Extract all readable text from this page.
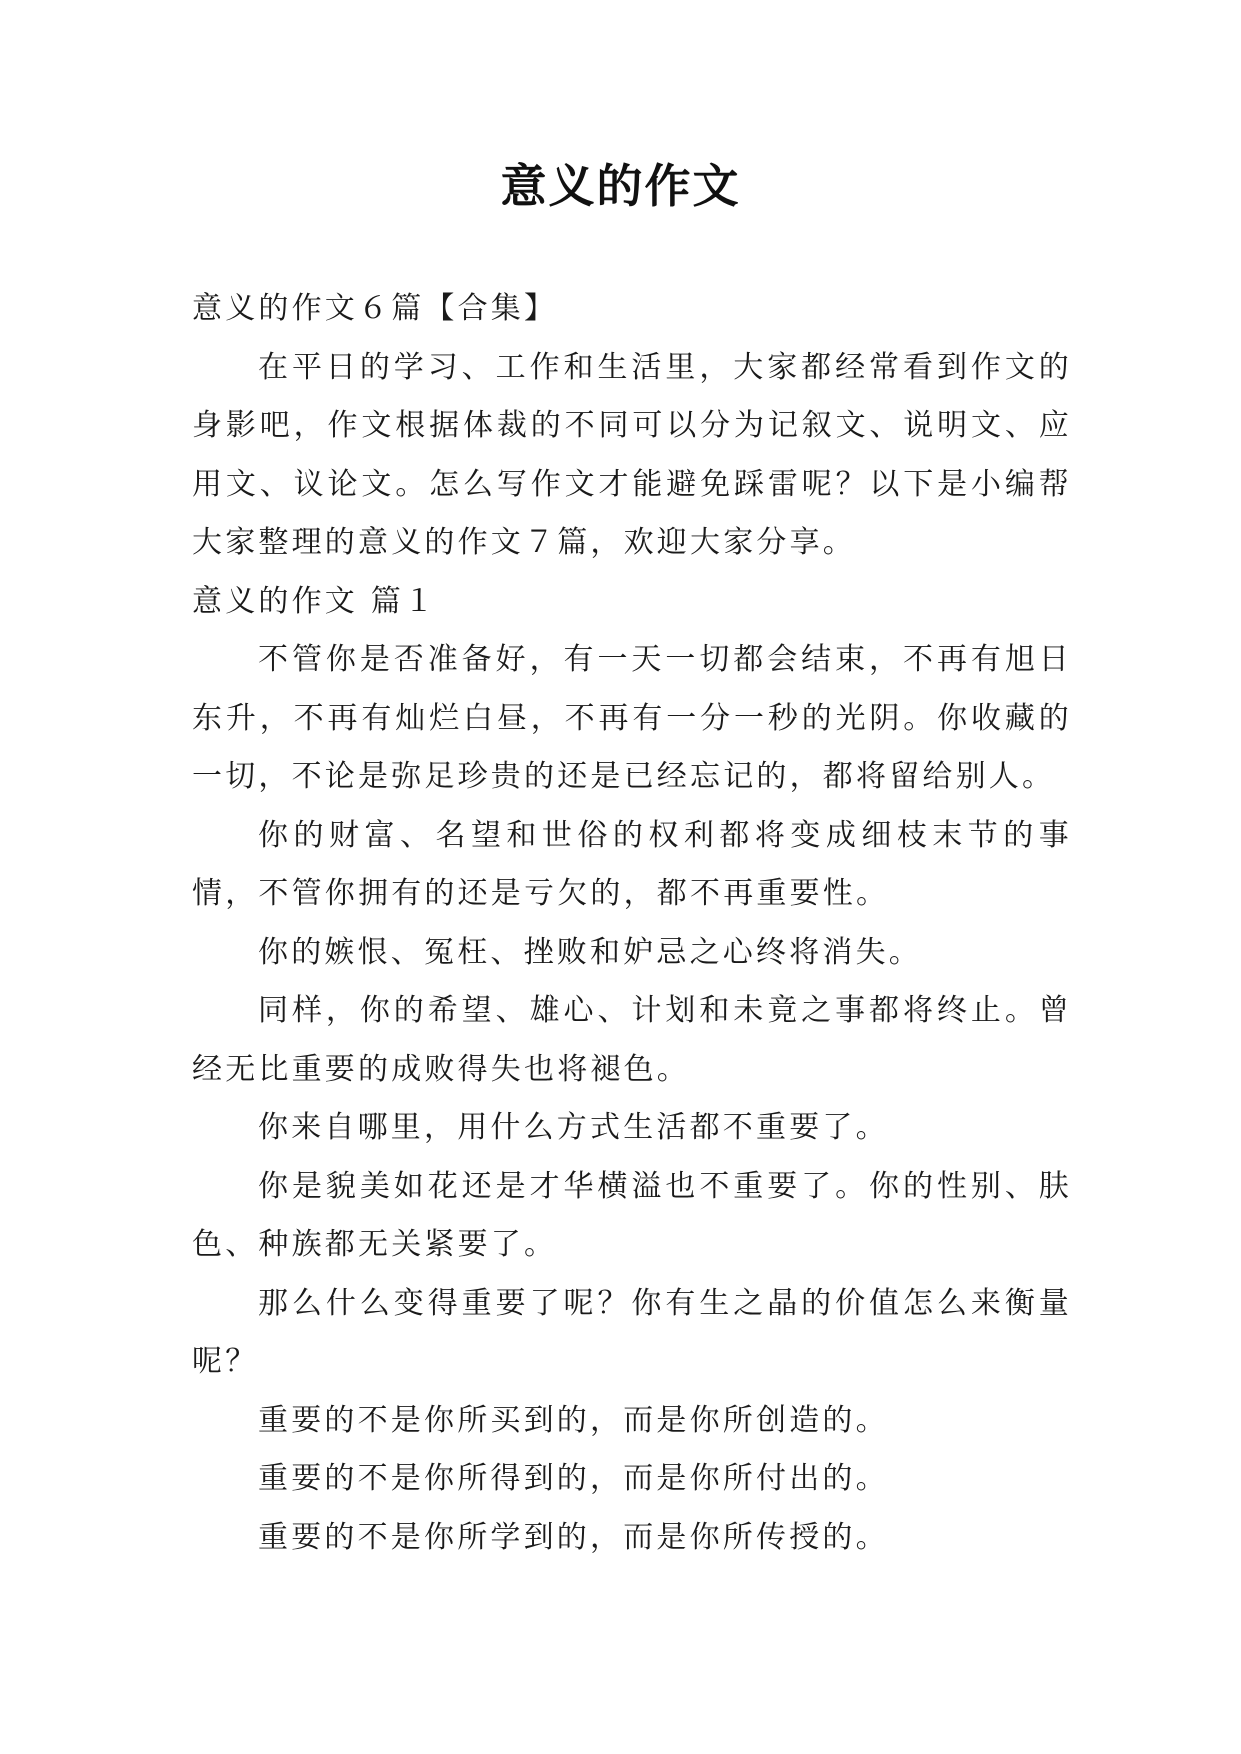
意义的作文

意义的作文６篇【合集】

在平日的学习、工作和生活里，大家都经常看到作文的身影吧，作文根据体裁的不同可以分为记叙文、说明文、应用文、议论文。怎么写作文才能避免踩雷呢？以下是小编帮大家整理的意义的作文７篇，欢迎大家分享。

意义的作文 篇１

不管你是否准备好，有一天一切都会结束，不再有旭日东升，不再有灿烂白昼，不再有一分一秒的光阴。你收藏的一切，不论是弥足珍贵的还是已经忘记的，都将留给别人。

你的财富、名望和世俗的权利都将变成细枝末节的事情，不管你拥有的还是亏欠的，都不再重要性。

你的嫉恨、冤枉、挫败和妒忌之心终将消失。

同样，你的希望、雄心、计划和未竟之事都将终止。曾经无比重要的成败得失也将褪色。

你来自哪里，用什么方式生活都不重要了。

你是貌美如花还是才华横溢也不重要了。你的性别、肤色、种族都无关紧要了。

那么什么变得重要了呢？你有生之晶的价值怎么来衡量呢？

重要的不是你所买到的，而是你所创造的。

重要的不是你所得到的，而是你所付出的。

重要的不是你所学到的，而是你所传授的。
